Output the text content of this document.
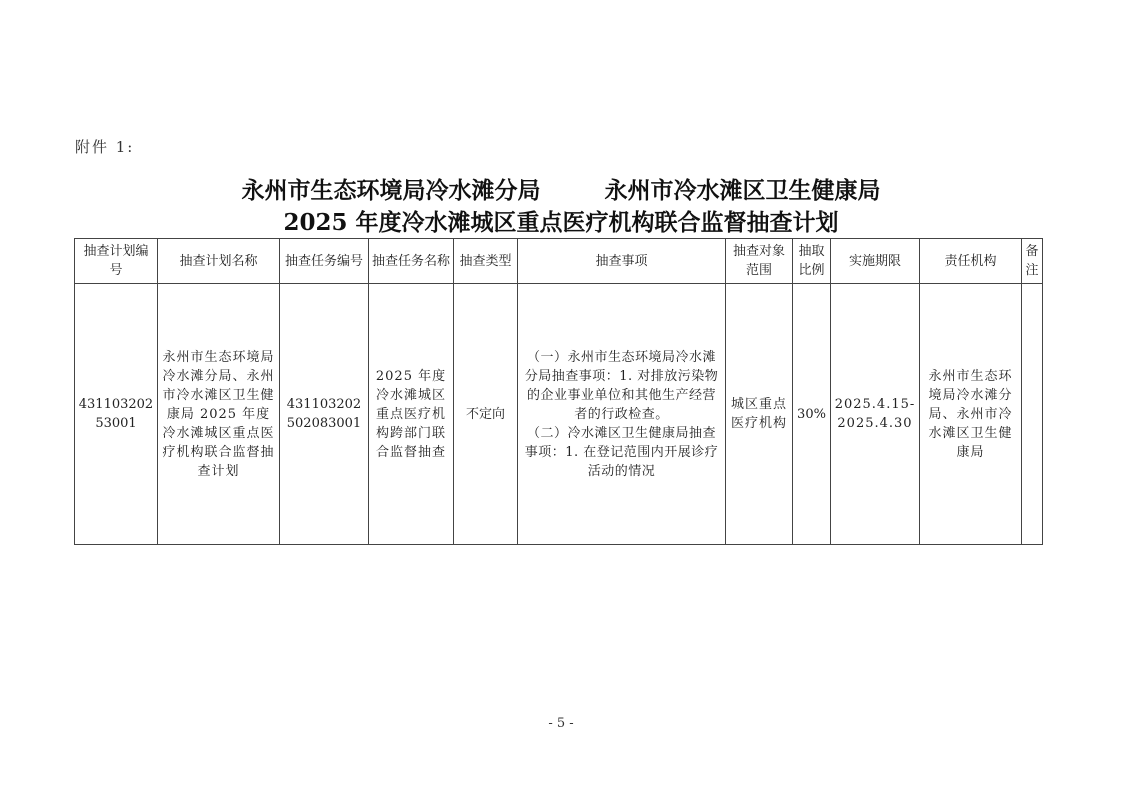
附件 1:
永州市生态环境局冷水滩分局        永州市冷水滩区卫生健康局
2025 年度冷水滩城区重点医疗机构联合监督抽查计划
抽查计划编号	抽查计划名称	抽查任务编号	抽查任务名称	抽查类型	抽查事项	抽查对象范围	抽取比例	实施期限	责任机构	备注
43110320253001	永州市生态环境局冷水滩分局、永州市冷水滩区卫生健康局 2025 年度冷水滩城区重点医疗机构联合监督抽查计划	431103202502083001	2025 年度冷水滩城区重点医疗机构跨部门联合监督抽查	不定向	（一）永州市生态环境局冷水滩分局抽查事项：1. 对排放污染物的企业事业单位和其他生产经营者的行政检查。
（二）冷水滩区卫生健康局抽查事项：1. 在登记范围内开展诊疗活动的情况	城区重点医疗机构	30%	2025.4.15-2025.4.30	永州市生态环境局冷水滩分局、永州市冷水滩区卫生健康局	
- 5 -
